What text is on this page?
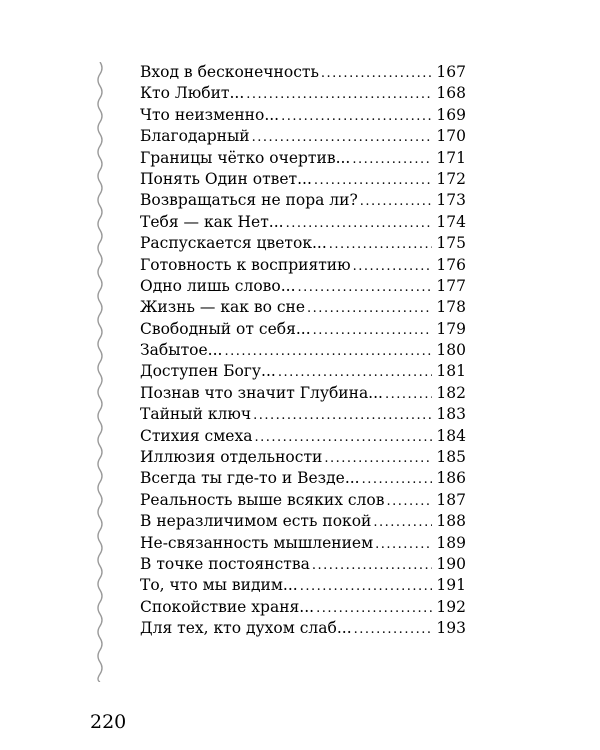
Вход в бесконечность .....	167
Кто Любит... .....	168
Что неизменно... .....	169
Благодарный .....	170
Границы чётко очертив... .....	171
Понять Один ответ... .....	172
Возвращаться не пора ли? .....	173
Тебя — как Нет... .....	174
Распускается цветок... .....	175
Готовность к восприятию .....	176
Одно лишь слово... .....	177
Жизнь — как во сне .....	178
Свободный от себя... .....	179
Забытое... .....	180
Доступен Богу... .....	181
Познав что значит Глубина... .....	182
Тайный ключ .....	183
Стихия смеха .....	184
Иллюзия отдельности .....	185
Всегда ты где-то и Везде... .....	186
Реальность выше всяких слов .....	187
В неразличимом есть покой .....	188
Не-связанность мышлением .....	189
В точке постоянства .....	190
То, что мы видим... .....	191
Спокойствие храня... .....	192
Для тех, кто духом слаб... .....	193
220
